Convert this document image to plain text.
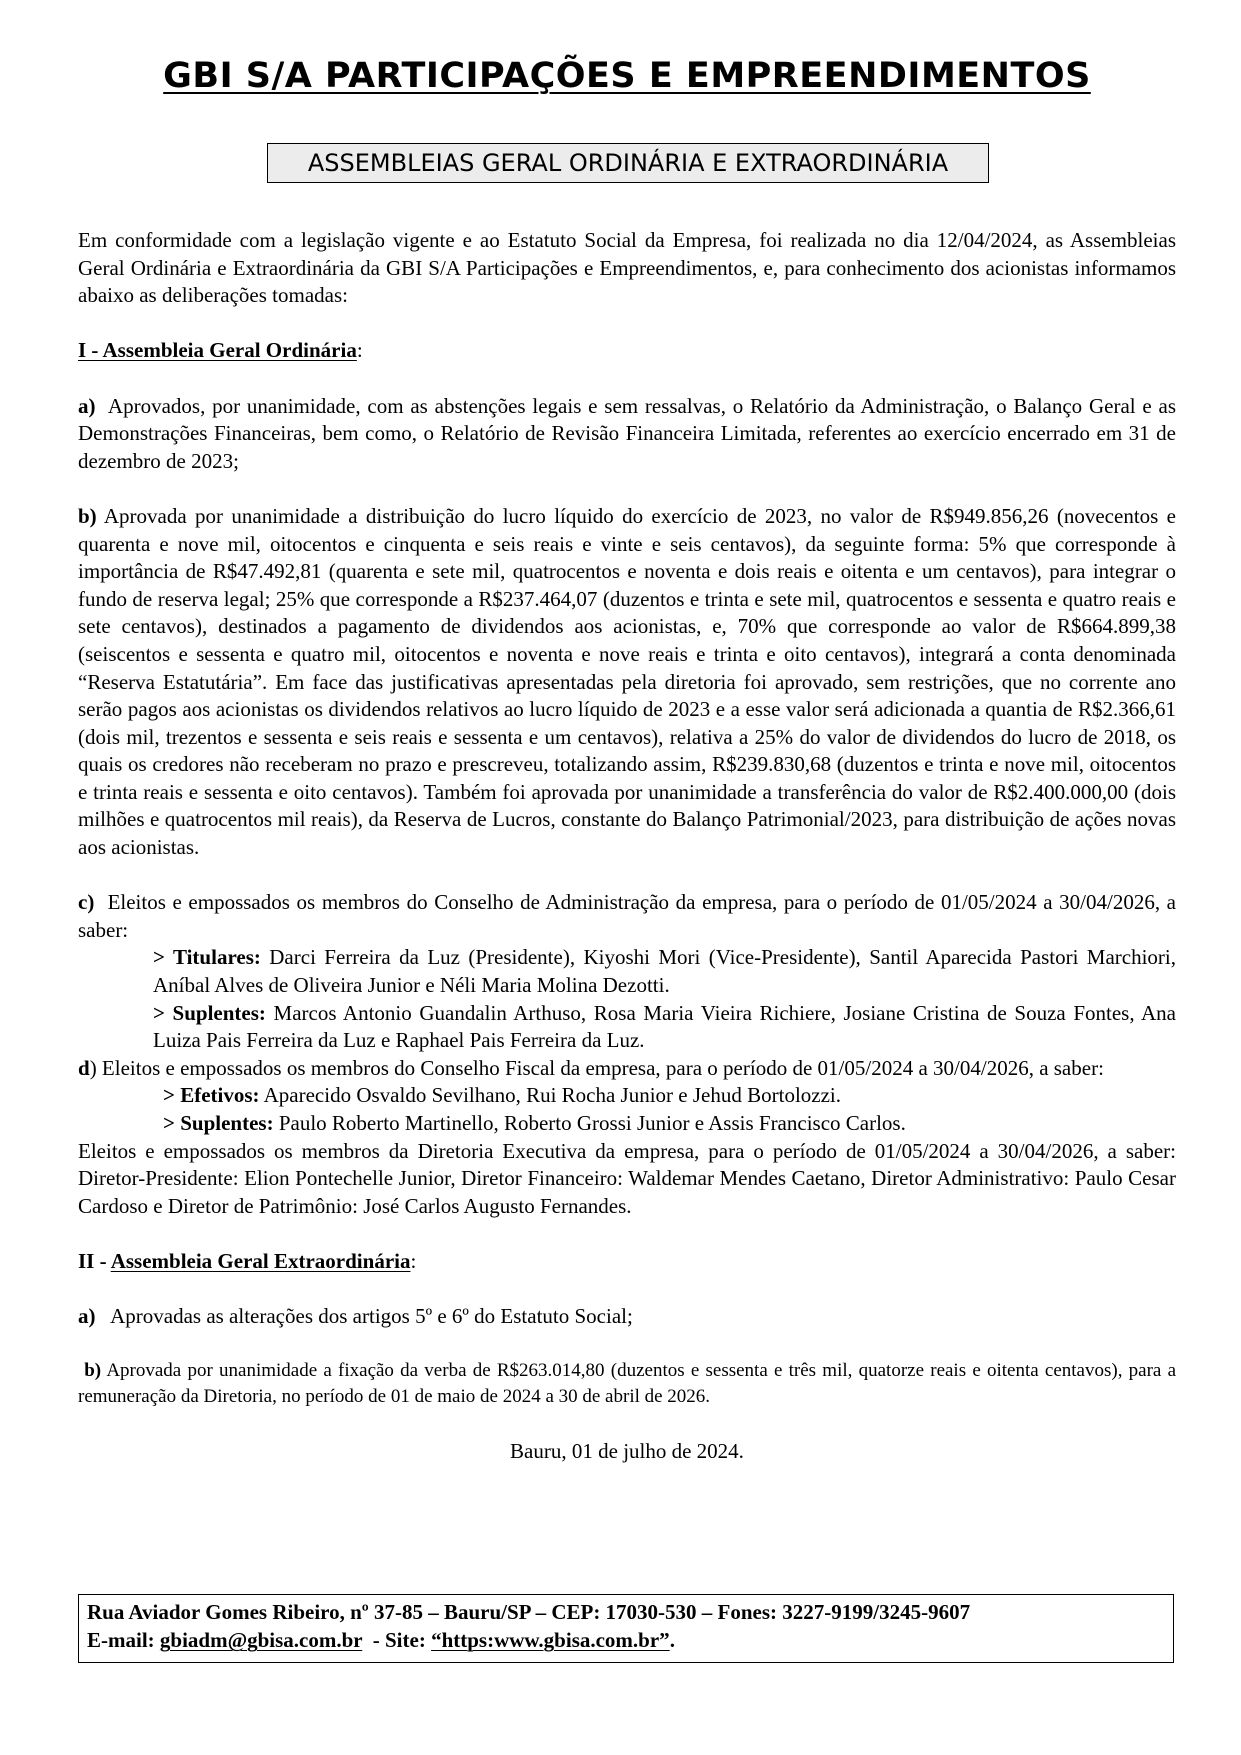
GBI S/A PARTICIPAÇÕES E EMPREENDIMENTOS
ASSEMBLEIAS GERAL ORDINÁRIA E EXTRAORDINÁRIA

Em conformidade com a legislação vigente e ao Estatuto Social da Empresa, foi realizada no dia 12/04/2024, as Assembleias Geral Ordinária e Extraordinária da GBI S/A Participações e Empreendimentos, e, para conhecimento dos acionistas informamos abaixo as deliberações tomadas:

I - Assembleia Geral Ordinária:

a) Aprovados, por unanimidade, com as abstenções legais e sem ressalvas, o Relatório da Administração, o Balanço Geral e as Demonstrações Financeiras, bem como, o Relatório de Revisão Financeira Limitada, referentes ao exercício encerrado em 31 de dezembro de 2023;

b) Aprovada por unanimidade a distribuição do lucro líquido do exercício de 2023, no valor de R$949.856,26 (novecentos e quarenta e nove mil, oitocentos e cinquenta e seis reais e vinte e seis centavos), da seguinte forma: 5% que corresponde à importância de R$47.492,81 (quarenta e sete mil, quatrocentos e noventa e dois reais e oitenta e um centavos), para integrar o fundo de reserva legal; 25% que corresponde a R$237.464,07 (duzentos e trinta e sete mil, quatrocentos e sessenta e quatro reais e sete centavos), destinados a pagamento de dividendos aos acionistas, e, 70% que corresponde ao valor de R$664.899,38 (seiscentos e sessenta e quatro mil, oitocentos e noventa e nove reais e trinta e oito centavos), integrará a conta denominada “Reserva Estatutária”. Em face das justificativas apresentadas pela diretoria foi aprovado, sem restrições, que no corrente ano serão pagos aos acionistas os dividendos relativos ao lucro líquido de 2023 e a esse valor será adicionada a quantia de R$2.366,61 (dois mil, trezentos e sessenta e seis reais e sessenta e um centavos), relativa a 25% do valor de dividendos do lucro de 2018, os quais os credores não receberam no prazo e prescreveu, totalizando assim, R$239.830,68 (duzentos e trinta e nove mil, oitocentos e trinta reais e sessenta e oito centavos). Também foi aprovada por unanimidade a transferência do valor de R$2.400.000,00 (dois milhões e quatrocentos mil reais), da Reserva de Lucros, constante do Balanço Patrimonial/2023, para distribuição de ações novas aos acionistas.

c) Eleitos e empossados os membros do Conselho de Administração da empresa, para o período de 01/05/2024 a 30/04/2026, a saber:

> Titulares: Darci Ferreira da Luz (Presidente), Kiyoshi Mori (Vice-Presidente), Santil Aparecida Pastori Marchiori, Aníbal Alves de Oliveira Junior e Néli Maria Molina Dezotti.

> Suplentes: Marcos Antonio Guandalin Arthuso, Rosa Maria Vieira Richiere, Josiane Cristina de Souza Fontes, Ana Luiza Pais Ferreira da Luz e Raphael Pais Ferreira da Luz.

d) Eleitos e empossados os membros do Conselho Fiscal da empresa, para o período de 01/05/2024 a 30/04/2026, a saber:

> Efetivos: Aparecido Osvaldo Sevilhano, Rui Rocha Junior e Jehud Bortolozzi.

> Suplentes: Paulo Roberto Martinello, Roberto Grossi Junior e Assis Francisco Carlos.

Eleitos e empossados os membros da Diretoria Executiva da empresa, para o período de 01/05/2024 a 30/04/2026, a saber: Diretor-Presidente: Elion Pontechelle Junior, Diretor Financeiro: Waldemar Mendes Caetano, Diretor Administrativo: Paulo Cesar Cardoso e Diretor de Patrimônio: José Carlos Augusto Fernandes.

II - Assembleia Geral Extraordinária:

a) Aprovadas as alterações dos artigos 5º e 6º do Estatuto Social;

b) Aprovada por unanimidade a fixação da verba de R$263.014,80 (duzentos e sessenta e três mil, quatorze reais e oitenta centavos), para a remuneração da Diretoria, no período de 01 de maio de 2024 a 30 de abril de 2026.

Bauru, 01 de julho de 2024.

Rua Aviador Gomes Ribeiro, nº 37-85 – Bauru/SP – CEP: 17030-530 – Fones: 3227-9199/3245-9607
E-mail: gbiadm@gbisa.com.br - Site: “https:www.gbisa.com.br”.
